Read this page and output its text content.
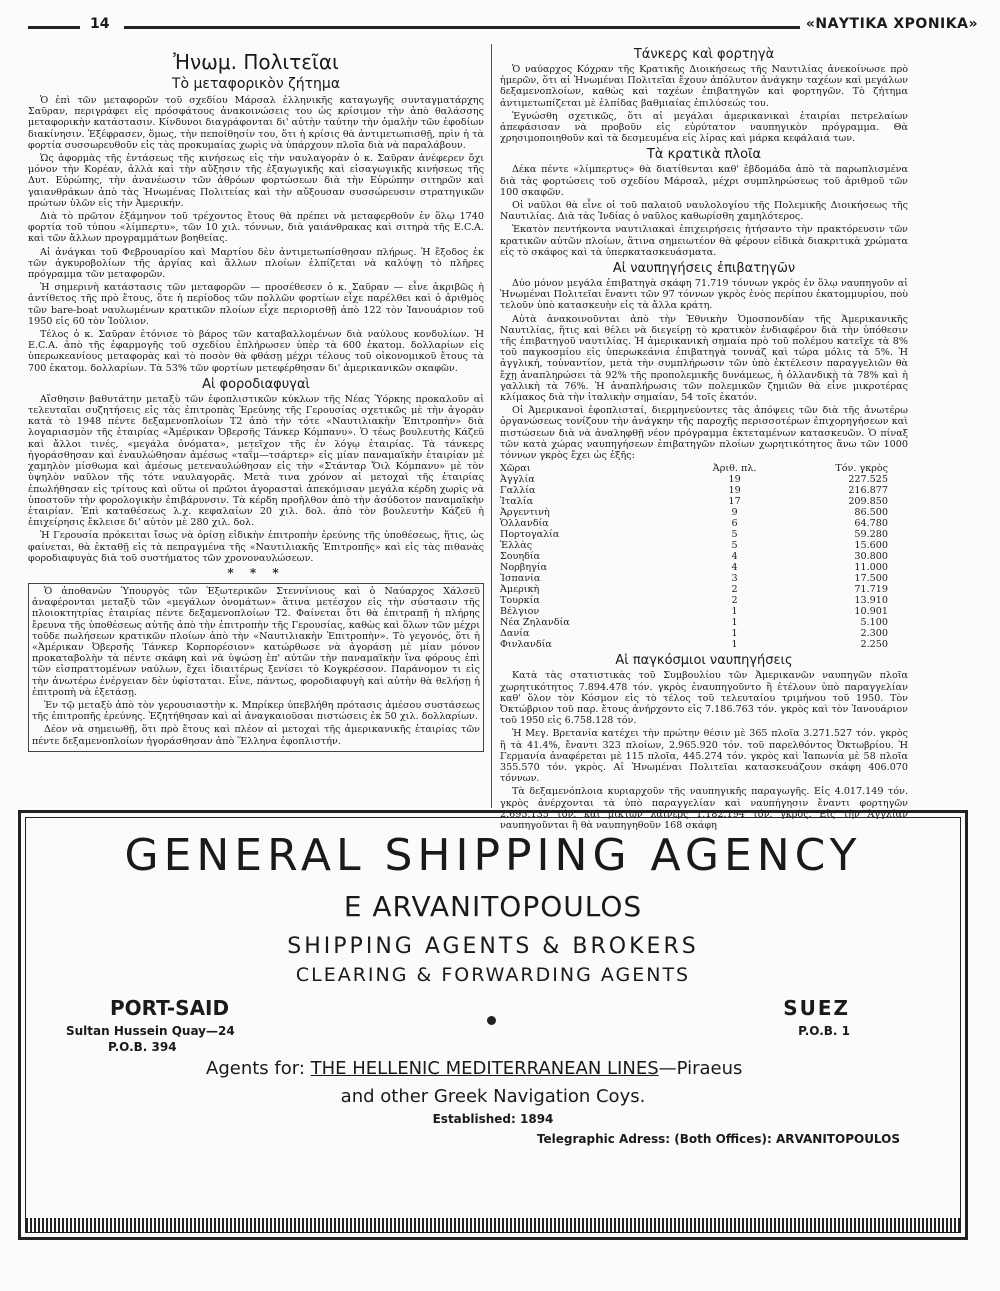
14	«ΝΑΥΤΙΚΑ ΧΡΟΝΙΚΑ»
Ἠνωμ. Πολιτεῖαι
Τὸ μεταφορικὸν ζήτημα

Ὁ ἐπὶ τῶν μεταφορῶν τοῦ σχεδίου Μάρσαλ ἑλληνικῆς καταγωγῆς συνταγματάρχης Σαῦραν, περιγράφει εἰς πρόσφάτους ἀνακοινώσεις του ὡς κρίσιμον τὴν ἀπὸ θαλάσσης μεταφορικὴν κατάστασιν. Κίνδυνοι διαγράφονται δι' αὐτὴν ταύτην τὴν ὁμαλὴν τῶν ἐφοδίων διακίνησιν. Ἐξέφρασεν, ὅμως, τὴν πεποίθησίν του, ὅτι ἡ κρίσις θὰ ἀντιμετωπισθῇ, πρὶν ἡ τὰ φορτία συσσωρευθοῦν εἰς τὰς προκυμαίας χωρὶς νὰ ὑπάρχουν πλοῖα διὰ νὰ παραλάβουν.

Ὡς ἀφορμὰς τῆς ἐντάσεως τῆς κινήσεως εἰς τὴν ναυλαγορὰν ὁ κ. Σαῦραν ἀνέφερεν ὄχι μόνον τὴν Κορέαν, ἀλλὰ καὶ τὴν αὔξησιν τῆς ἐξαγωγικῆς καὶ εἰσαγωγικῆς κινήσεως τῆς Δυτ. Εὐρώπης, τὴν ἀνανέωσιν τῶν ἀθρόων φορτώσεων διὰ τὴν Εὐρώπην σιτηρῶν καὶ γαιανθράκων ἀπὸ τὰς Ἠνωμένας Πολιτείας καὶ τὴν αὔξουσαν συσσώρευσιν στρατηγικῶν πρώτων ὑλῶν εἰς τὴν Ἀμερικήν.

Διὰ τὸ πρῶτον ἑξάμηνον τοῦ τρέχοντος ἔτους θὰ πρέπει νὰ μεταφερθοῦν ἐν ὅλῳ 1740 φορτία τοῦ τύπου «λίμπερτυ», τῶν 10 χιλ. τόννων, διὰ γαιάνθρακας καὶ σιτηρὰ τῆς E.C.A. καὶ τῶν ἄλλων προγραμμάτων βοηθείας.

Αἱ ἀνάγκαι τοῦ Φεβρουαρίου καὶ Μαρτίου δὲν ἀντιμετωπίσθησαν πλήρως. Ἡ ἔξοδος ἐκ τῶν ἀγκυροβολίων τῆς ἀργίας καὶ ἄλλων πλοίων ἐλπίζεται νὰ καλύψῃ τὸ πλῆρες πρόγραμμα τῶν μεταφορῶν.

Ἡ σημερινὴ κατάστασις τῶν μεταφορῶν — προσέθεσεν ὁ κ. Σαῦραν — εἶνε ἀκριβῶς ἡ ἀντίθετος τῆς πρὸ ἔτους, ὅτε ἡ περίοδος τῶν πολλῶν φορτίων εἶχε παρέλθει καὶ ὁ ἀριθμὸς τῶν bare-boat ναυλωμένων κρατικῶν πλοίων εἶχε περιορισθῇ ἀπὸ 122 τὸν Ἰανουάριον τοῦ 1950 εἰς 60 τὸν Ἰούλιον.

Τέλος ὁ κ. Σαῦραν ἐτόνισε τὸ βάρος τῶν καταβαλλομένων διὰ ναύλους κονδυλίων. Ἡ E.C.A. ἀπὸ τῆς ἐφαρμογῆς τοῦ σχεδίου ἐπλήρωσεν ὑπὲρ τὰ 600 ἑκατομ. δολλαρίων εἰς ὑπερωκεανίους μεταφορὰς καὶ τὸ ποσὸν θὰ φθάσῃ μέχρι τέλους τοῦ οἰκονομικοῦ ἔτους τὰ 700 ἑκατομ. δολλαρίων. Τὰ 53% τῶν φορτίων μετεφέρθησαν δι' ἀμερικανικῶν σκαφῶν.

Αἱ φοροδιαφυγαὶ

Αἴσθησιν βαθυτάτην μεταξὺ τῶν ἐφοπλιστικῶν κύκλων τῆς Νέας Ὑόρκης προκαλοῦν αἱ τελευταῖαι συζητήσεις εἰς τὰς ἐπιτροπὰς Ἐρεύνης τῆς Γερουσίας σχετικῶς μὲ τὴν ἀγορὰν κατὰ τὸ 1948 πέντε δεξαμενοπλοίων Τ2 ἀπὸ τὴν τότε «Ναυτιλιακὴν Ἐπιτροπὴν» διὰ λογαριασμὸν τῆς ἑταιρίας «Ἀμέρικαν Ὀβερσῆς Τάνκερ Κόμπανυ». Ὁ τέως βουλευτὴς Κάζεϋ καὶ ἄλλοι τινές, «μεγάλα ὀνόματα», μετεῖχον τῆς ἐν λόγῳ ἑταιρίας. Τὰ τάνκερς ἠγοράσθησαν καὶ ἐναυλώθησαν ἀμέσως «ταΐμ—τσάρτερ» εἰς μίαν παναμαϊκὴν ἑταιρίαν μὲ χαμηλὸν μίσθωμα καὶ ἀμέσως μετεναυλώθησαν εἰς τὴν «Στάνταρ Ὄιλ Κόμπανυ» μὲ τὸν ὑψηλὸν ναῦλον τῆς τότε ναυλαγορᾶς. Μετὰ τινα χρόνον αἱ μετοχαὶ τῆς ἑταιρίας ἐπωλήθησαν εἰς τρίτους καὶ οὕτω οἱ πρῶτοι ἀγορασταὶ ἀπεκόμισαν μεγάλα κέρδη χωρὶς νὰ ὑποστοῦν τὴν φορολογικὴν ἐπιβάρυνσιν. Τὰ κέρδη προῆλθον ἀπὸ τὴν ἀσύδοτον παναμαϊκὴν ἑταιρίαν. Ἐπὶ καταθέσεως λ.χ. κεφαλαίων 20 χιλ. δολ. ἀπὸ τὸν βουλευτὴν Κάζεϋ ἡ ἐπιχείρησις ἔκλεισε δι' αὐτὸν μὲ 280 χιλ. δολ.

Ἡ Γερουσία πρόκειται ἴσως νὰ ὁρίσῃ εἰδικὴν ἐπιτροπὴν ἐρεύνης τῆς ὑποθέσεως, ἥτις, ὡς φαίνεται, θὰ ἐκταθῇ εἰς τὰ πεπραγμένα τῆς «Ναυτιλιακῆς Ἐπιτροπῆς» καὶ εἰς τὰς πιθανὰς φοροδιαφυγὰς διὰ τοῦ συστήματος τῶν χρονοναυλώσεων.

* * *

Ὁ ἀποθανὼν Ὑπουργὸς τῶν Ἐξωτερικῶν Στεννίνιους καὶ ὁ Ναύαρχος Χάλσεϋ ἀναφέρονται μεταξὺ τῶν «μεγάλων ὀνομάτων» ἅτινα μετέσχον εἰς τὴν σύστασιν τῆς πλοιοκτητρίας ἑταιρίας πέντε δεξαμενοπλοίων Τ2. Φαίνεται ὅτι θὰ ἐπιτραπῇ ἡ πλήρης ἔρευνα τῆς ὑποθέσεως αὐτῆς ἀπὸ τὴν ἐπιτροπὴν τῆς Γερουσίας, καθὼς καὶ ὅλων τῶν μέχρι τοῦδε πωλήσεων κρατικῶν πλοίων ἀπὸ τὴν «Ναυτιλιακὴν Ἐπιτροπὴν». Τὸ γεγονός, ὅτι ἡ «Ἀμέρικαν Ὀβερσῆς Τάνκερ Κορπορέσιον» κατώρθωσε νὰ ἀγοράσῃ μὲ μίαν μόνον προκαταβολὴν τὰ πέντε σκάφη καὶ νὰ ὑψώσῃ ἐπ' αὐτῶν τὴν παναμαϊκὴν ἵνα φόρους ἐπὶ τῶν εἰσπραττομένων ναύλων, ἔχει ἰδιαιτέρως ξενίσει τὸ Κογκρέσσον. Παράνομον τι εἰς τὴν ἀνωτέρω ἐνέργειαν δὲν ὑφίσταται. Εἶνε, πάντως, φοροδιαφυγὴ καὶ αὐτὴν θὰ θελήσῃ ἡ ἐπιτροπὴ νὰ ἐξετάσῃ.

Ἐν τῷ μεταξὺ ἀπὸ τὸν γερουσιαστὴν κ. Μπρίκερ ὑπεβλήθη πρότασις ἀμέσου συστάσεως τῆς ἐπιτροπῆς ἐρεύνης. Ἐζητήθησαν καὶ αἱ ἀναγκαιοῦσαι πιστώσεις ἐκ 50 χιλ. δολλαρίων.

Δέον νὰ σημειωθῇ, ὅτι πρὸ ἔτους καὶ πλέον αἱ μετοχαὶ τῆς ἀμερικανικῆς ἑταιρίας τῶν πέντε δεξαμενοπλοίων ἠγοράσθησαν ἀπὸ Ἕλληνα ἐφοπλιστήν.

Τάνκερς καὶ φορτηγὰ

Ὁ ναύαρχος Κόχραν τῆς Κρατικῆς Διοικήσεως τῆς Ναυτιλίας ἀνεκοίνωσε πρὸ ἡμερῶν, ὅτι αἱ Ἠνωμέναι Πολιτεῖαι ἔχουν ἀπόλυτον ἀνάγκην ταχέων καὶ μεγάλων δεξαμενοπλοίων, καθὼς καὶ ταχέων ἐπιβατηγῶν καὶ φορτηγῶν. Τὸ ζήτημα ἀντιμετωπίζεται μὲ ἐλπίδας βαθμιαίας ἐπιλύσεώς του.

Ἐγνώσθη σχετικῶς, ὅτι αἱ μεγάλαι ἀμερικανικαὶ ἑταιρίαι πετρελαίων ἀπεφάσισαν νὰ προβοῦν εἰς εὐρύτατον ναυπηγικὸν πρόγραμμα. Θὰ χρησιμοποιηθοῦν καὶ τὰ δεσμευμένα εἰς λίρας καὶ μάρκα κεφάλαιά των.

Τὰ κρατικὰ πλοῖα

Δέκα πέντε «λίμπερτυς» θὰ διατίθενται καθ' ἑβδομάδα ἀπὸ τὰ παρωπλισμένα διὰ τὰς φορτώσεις τοῦ σχεδίου Μάρσαλ, μέχρι συμπληρώσεως τοῦ ἀριθμοῦ τῶν 100 σκαφῶν.

Οἱ ναῦλοι θὰ εἶνε οἱ τοῦ παλαιοῦ ναυλολογίου τῆς Πολεμικῆς Διοικήσεως τῆς Ναυτιλίας. Διὰ τὰς Ἰνδίας ὁ ναῦλος καθωρίσθη χαμηλότερος.

Ἑκατὸν πεντήκοντα ναυτιλιακαὶ ἐπιχειρήσεις ἠτήσαντο τὴν πρακτόρευσιν τῶν κρατικῶν αὐτῶν πλοίων, ἅτινα σημειωτέον θὰ φέρουν εἰδικὰ διακριτικὰ χρώματα εἰς τὸ σκάφος καὶ τὰ ὑπερκατασκευάσματα.

Αἱ ναυπηγήσεις ἐπιβατηγῶν

Δύο μόνον μεγάλα ἐπιβατηγὰ σκάφη 71.719 τόννων γκρὸς ἐν ὅλῳ ναυπηγοῦν αἱ Ἠνωμέναι Πολιτεῖαι ἔναντι τῶν 97 τόννων γκρὸς ἑνὸς περίπου ἑκατομμυρίου, ποὺ τελοῦν ὑπὸ κατασκευὴν εἰς τὰ ἄλλα κράτη.

Αὐτὰ ἀνακοινοῦνται ἀπὸ τὴν Ἐθνικὴν Ὁμοσπονδίαν τῆς Ἀμερικανικῆς Ναυτιλίας, ἥτις καὶ θέλει νὰ διεγείρῃ τὸ κρατικὸν ἐνδιαφέρον διὰ τὴν ὑπόθεσιν τῆς ἐπιβατηγοῦ ναυτιλίας. Ἡ ἀμερικανικὴ σημαία πρὸ τοῦ πολέμου κατεῖχε τὰ 8% τοῦ παγκοσμίου εἰς ὑπερωκεάνια ἐπιβατηγὰ τοννάζ καὶ τώρα μόλις τὰ 5%. Ἡ ἀγγλική, τοὐναντίον, μετὰ τὴν συμπλήρωσιν τῶν ὑπὸ ἐκτέλεσιν παραγγελιῶν θὰ ἔχῃ ἀναπληρώσει τὰ 92% τῆς προπολεμικῆς δυνάμεως, ἡ ὁλλανδικὴ τὰ 78% καὶ ἡ γαλλικὴ τὰ 76%. Ἡ ἀναπλήρωσις τῶν πολεμικῶν ζημιῶν θὰ εἶνε μικροτέρας κλίμακος διὰ τὴν ἰταλικὴν σημαίαν, 54 τοῖς ἑκατόν.

Οἱ Ἀμερικανοὶ ἐφοπλισταί, διερμηνεύοντες τὰς ἀπόψεις τῶν διὰ τῆς ἀνωτέρω ὀργανώσεως τονίζουν τὴν ἀνάγκην τῆς παροχῆς περισσοτέρων ἐπιχορηγήσεων καὶ πιστώσεων διὰ νὰ ἀναληφθῇ νέον πρόγραμμα ἐκτεταμένων κατασκευῶν. Ὁ πίναξ τῶν κατὰ χώρας ναυπηγήσεων ἐπιβατηγῶν πλοίων χωρητικότητος ἄνω τῶν 1000 τόννων γκρὸς ἔχει ὡς ἑξῆς:

Χῶραι	Ἀριθ. πλ.	Τόν. γκρὸς
Ἀγγλία	19	227.525
Γαλλία	19	216.877
Ἰταλία	17	209.850
Ἀργεντινὴ	9	86.500
Ὁλλανδία	6	64.780
Πορτογαλία	5	59.280
Ἑλλὰς	5	15.600
Σουηδία	4	30.800
Νορβηγία	4	11.000
Ἰσπανία	3	17.500
Ἀμερικὴ	2	71.719
Τουρκία	2	13.910
Βέλγιον	1	10.901
Νέα Ζηλανδία	1	5.100
Δανία	1	2.300
Φινλανδία	1	2.250
Αἱ παγκόσμιοι ναυπηγήσεις

Κατὰ τὰς στατιστικὰς τοῦ Συμβουλίου τῶν Ἀμερικανῶν ναυπηγῶν πλοῖα χωρητικότητος 7.894.478 τόν. γκρὸς ἐναυπηγοῦντο ἢ ἐτέλουν ὑπὸ παραγγελίαν καθ' ὅλον τὸν Κόσμον εἰς τὸ τέλος τοῦ τελευταίου τριμήνου τοῦ 1950. Τὸν Ὀκτώβριον τοῦ παρ. ἔτους ἀνήρχοντο εἰς 7.186.763 τόν. γκρὸς καὶ τὸν Ἰανουάριον τοῦ 1950 εἰς 6.758.128 τόν.

Ἡ Μεγ. Βρετανία κατέχει τὴν πρώτην θέσιν μὲ 365 πλοῖα 3.271.527 τόν. γκρὸς ἢ τὰ 41.4%, ἔναντι 323 πλοίων, 2.965.920 τόν. τοῦ παρελθόντος Ὀκτωβρίου. Ἡ Γερμανία ἀναφέρεται μὲ 115 πλοῖα, 445.274 τόν. γκρὸς καὶ Ἰαπωνία μὲ 58 πλοῖα 355.570 τόν. γκρὸς. Αἱ Ἠνωμέναι Πολιτεῖαι κατασκευάζουν σκάφη 406.070 τόννων.

Τὰ δεξαμενόπλοια κυριαρχοῦν τῆς ναυπηγικῆς παραγωγῆς. Εἰς 4.017.149 τόν. γκρὸς ἀνέρχονται τὰ ὑπὸ παραγγελίαν καὶ ναυπήγησιν ἔναντι φορτηγῶν 2.695.135 τόν. καὶ μικτῶν λάϊνερς 1.182.194 τόν. γκρὸς. Εἰς τὴν Ἀγγλίαν ναυπηγοῦνται ἢ θὰ ναυπηγηθοῦν 168 σκάφη

GENERAL SHIPPING AGENCY
E ARVANITOPOULOS
SHIPPING AGENTS & BROKERS
CLEARING & FORWARDING AGENTS
PORT-SAID
Sultan Hussein Quay—24
P.O.B. 394
SUEZ
P.O.B. 1
Agents for: THE HELLENIC MEDITERRANEAN LINES—Piraeus
and other Greek Navigation Coys.
Established: 1894
Telegraphic Adress: (Both Offices): ARVANITOPOULOS
